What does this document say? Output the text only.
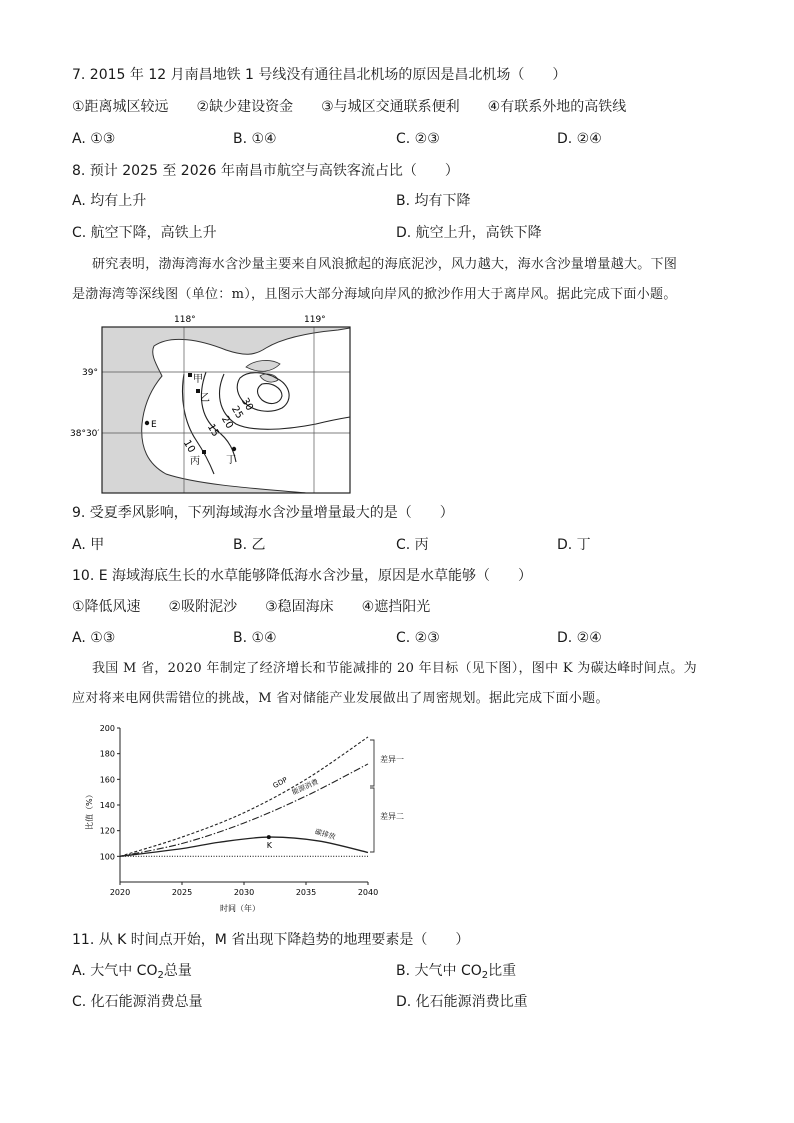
7. 2015 年 12 月南昌地铁 1 号线没有通往昌北机场的原因是昌北机场（　　）
①距离城区较远　　②缺少建设资金　　③与城区交通联系便利　　④有联系外地的高铁线
A. ①③	B. ①④	C. ②③	D. ②④
8. 预计 2025 至 2026 年南昌市航空与高铁客流占比（　　）
A. 均有上升	B. 均有下降
C. 航空下降，高铁上升	D. 航空上升，高铁下降
研究表明，渤海湾海水含沙量主要来自风浪掀起的海底泥沙，风力越大，海水含沙量增量越大。下图
是渤海湾等深线图（单位：m），且图示大部分海域向岸风的掀沙作用大于离岸风。据此完成下面小题。
118°	119°
39°
38°30′
10
15
20
25
30
甲
乙
E
丙	丁
9. 受夏季风影响，下列海域海水含沙量增量最大的是（　　）
A. 甲	B. 乙	C. 丙	D. 丁
10. E 海域海底生长的水草能够降低海水含沙量，原因是水草能够（　　）
①降低风速　　②吸附泥沙　　③稳固海床　　④遮挡阳光
A. ①③	B. ①④	C. ②③	D. ②④
我国 M 省，2020 年制定了经济增长和节能减排的 20 年目标（见下图），图中 K 为碳达峰时间点。为
应对将来电网供需错位的挑战，M 省对储能产业发展做出了周密规划。据此完成下面小题。
100
120
140
160
180
200
2020	2025	2030	2035	2040
GDP 能源消费
碳排放
K
差异一
差异二
时间（年）
比值（%）
11. 从 K 时间点开始，M 省出现下降趋势的地理要素是（　　）
A. 大气中 $CO_2$总量	B. 大气中 $CO_2$比重
C. 化石能源消费总量	D. 化石能源消费比重
